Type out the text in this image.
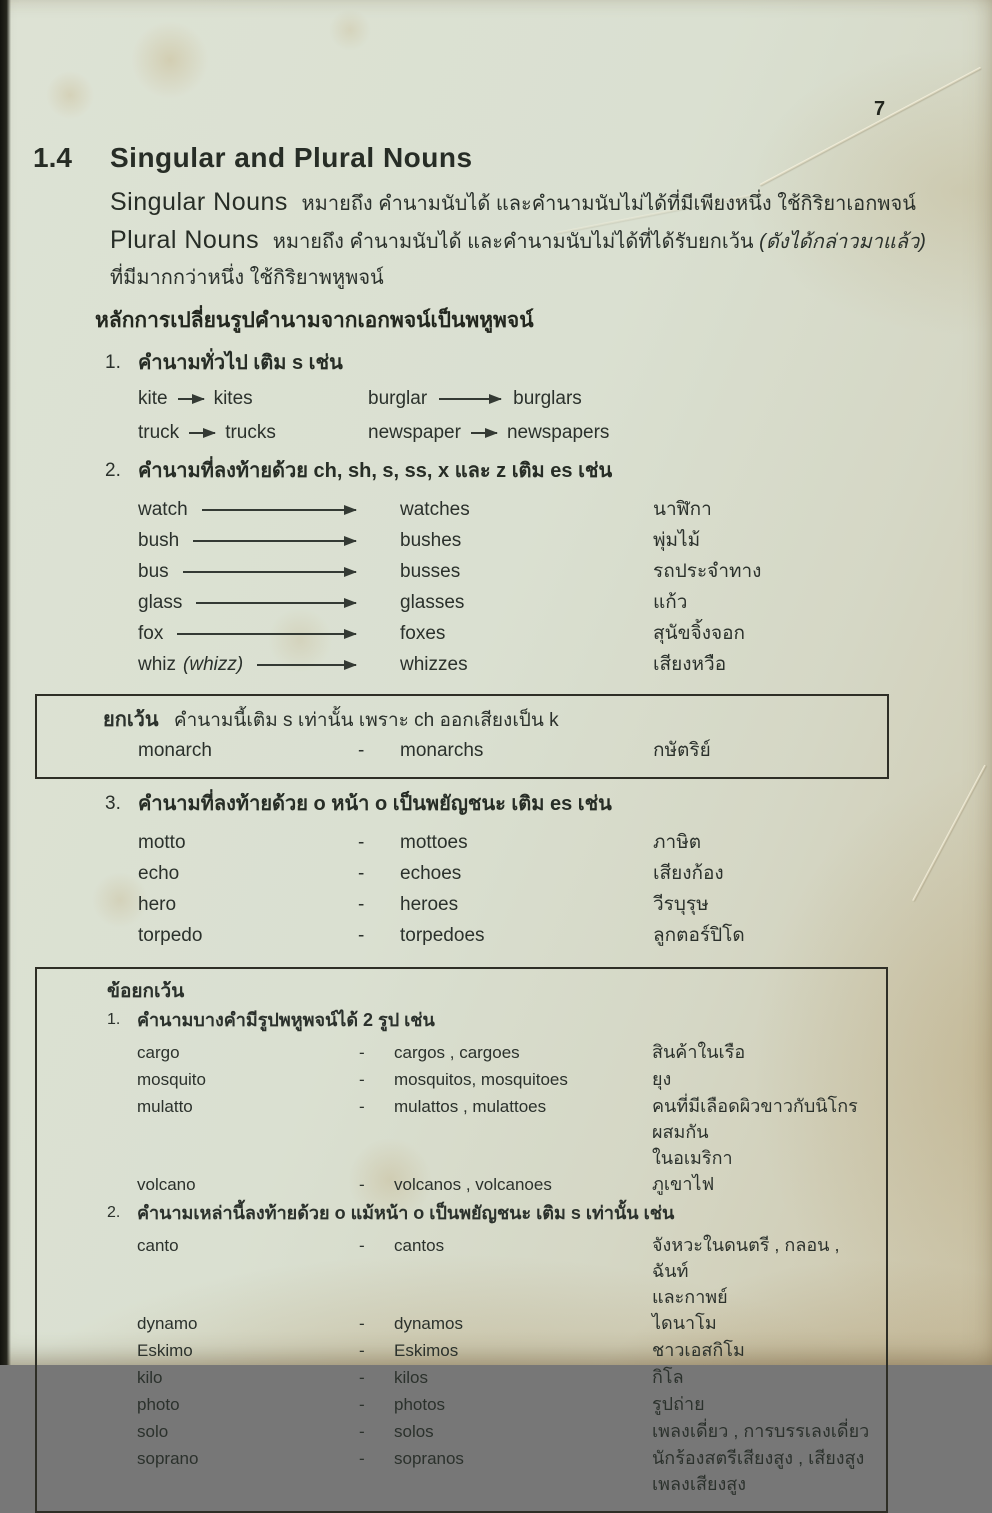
7
1.4	Singular and Plural Nouns

Singular Nouns หมายถึง คำนามนับได้ และคำนามนับไม่ได้ที่มีเพียงหนึ่ง ใช้กิริยาเอกพจน์

Plural Nouns หมายถึง คำนามนับได้ และคำนามนับไม่ได้ที่ได้รับยกเว้น (ดังได้กล่าวมาแล้ว)

ที่มีมากกว่าหนึ่ง ใช้กิริยาพหูพจน์

หลักการเปลี่ยนรูปคำนามจากเอกพจน์เป็นพหูพจน์
1. คำนามทั่วไป เติม s เช่น
kite kites	burglar	burglars
truck trucks	newspaper newspapers
2. คำนามที่ลงท้ายด้วย ch, sh, s, ss, x และ z เติม es เช่น
watch	watches	นาฬิกา
bush	bushes	พุ่มไม้
bus	busses	รถประจำทาง
glass	glasses	แก้ว
fox	foxes	สุนัขจิ้งจอก
whiz (whizz)	whizzes	เสียงหวือ
ยกเว้น คำนามนี้เติม s เท่านั้น เพราะ ch ออกเสียงเป็น k
monarch	-	monarchs	กษัตริย์
3. คำนามที่ลงท้ายด้วย o หน้า o เป็นพยัญชนะ เติม es เช่น
motto	-	mottoes	ภาษิต
echo	-	echoes	เสียงก้อง
hero	-	heroes	วีรบุรุษ
torpedo	-	torpedoes	ลูกตอร์ปิโด
ข้อยกเว้น
1. คำนามบางคำมีรูปพหูพจน์ได้ 2 รูป เช่น
cargo	-	cargos , cargoes	สินค้าในเรือ
mosquito	-	mosquitos, mosquitoes	ยุง
mulatto	-	mulattos , mulattoes	คนที่มีเลือดผิวขาวกับนิโกรผสมกัน
ในอเมริกา
volcano	-	volcanos , volcanoes	ภูเขาไฟ
2. คำนามเหล่านี้ลงท้ายด้วย o แม้หน้า o เป็นพยัญชนะ เติม s เท่านั้น เช่น
canto	-	cantos	จังหวะในดนตรี , กลอน , ฉันท์
และกาพย์
dynamo	-	dynamos	ไดนาโม
Eskimo	-	Eskimos	ชาวเอสกิโม
kilo	-	kilos	กิโล
photo	-	photos	รูปถ่าย
solo	-	solos	เพลงเดี่ยว , การบรรเลงเดี่ยว
soprano	-	sopranos	นักร้องสตรีเสียงสูง , เสียงสูง
เพลงเสียงสูง
